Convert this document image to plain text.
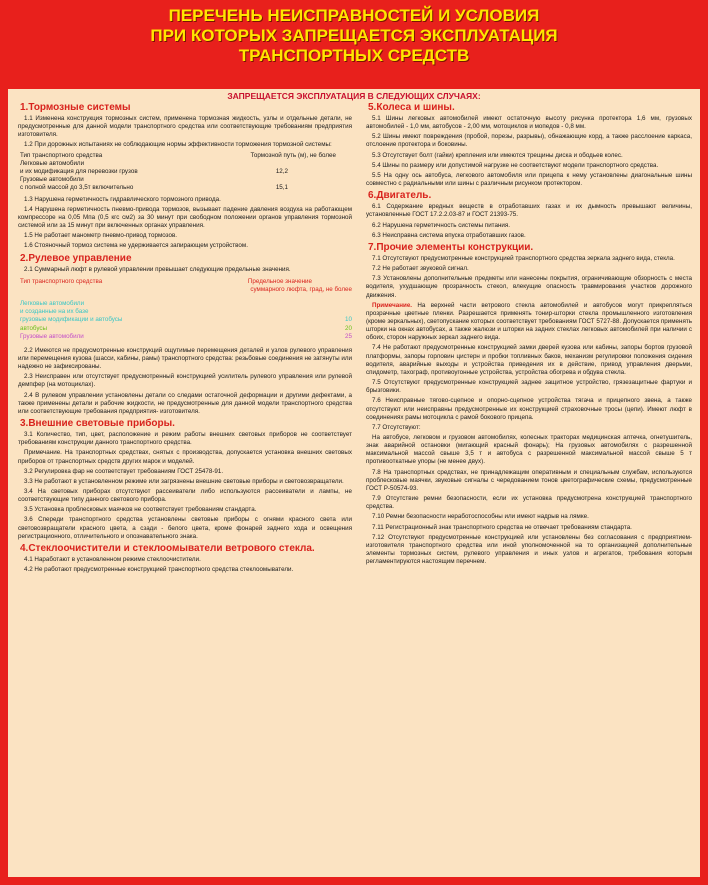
ПЕРЕЧЕНЬ НЕИСПРАВНОСТЕЙ И УСЛОВИЯ
ПРИ КОТОРЫХ ЗАПРЕЩАЕТСЯ ЭКСПЛУАТАЦИЯ
ТРАНСПОРТНЫХ СРЕДСТВ
ЗАПРЕЩАЕТСЯ ЭКСПЛУАТАЦИЯ В СЛЕДУЮЩИХ СЛУЧАЯХ:
1.Тормозные системы

1.1 Изменена конструкция тормозных систем, применена тормозная жидкость, узлы и отдельные детали, не предусмотренные для данной модели транспортного средства или соответствующие требованиям предприятия изготовителя.

1.2 При дорожных испытаниях не соблюдающие нормы эффективности торможения тормозной системы:

Тип транспортного средства	Тормозной путь (м), не более
Легковые автомобили
и их модификация для перевозки грузов	12,2
Грузовые автомобили
с полной массой до 3,5т включительно	15,1

1.3 Нарушена герметичность гидравлического тормозного привода.

1.4 Нарушена герметичность пневмо-привода тормозов, вызывает падение давления воздуха на работающем компрессоре на 0,05 Мпа (0,5 кгс см2) за 30 минут при свободном положении органов управления тормозной системой или за 15 минут при включенных органах управления.

1.5 Не работает манометр пневмо-привод тормозов.

1.6 Стояночный тормоз система не удерживается запирающем устройством.

2.Рулевое управление

2.1 Суммарный люфт в рулевой управлении превышает следующие предельные значения.

Тип транспортного средства	Предельное значение
суммарного люфта, град, не более
Легковые автомобили
и созданные на их базе
грузовые модификации и автобусы	10
автобусы	20
Грузовые автомобили	25

2.2 Имеются не предусмотренные конструкций ощутимые перемещения деталей и узлов рулевого управления или перемещения кузова (шасси, кабины, рамы) транспортного средства: резьбовые соединения не затянуты или надежно не зафиксированы.

2.3 Неисправен или отсутствует предусмотренный конструкцией усилитель рулевого управления или рулевой демпфер (на мотоциклах).

2.4 В рулевом управлении установлены детали со следами остаточной деформации и другими дефектами, а также применены детали и рабочие жидкости, не предусмотренные для данной модели транспортного средства или соответствующие требования предприятия- изготовителя.

3.Внешние световые приборы.

3.1 Количество, тип, цвет, расположение и режим работы внешних световых приборов не соответствует требованиям конструкции данного транспортного средства.

Примечание. На транспортных средствах, снятых с производства, допускается установка внешних световых приборов от транспортных средств других марок и моделей.

3.2 Регулировка фар не соответствует требованиям ГОСТ 25478-91.

3.3 Не работают в установленном режиме или загрязнены внешние световые приборы и световозвращатели.

3.4 На световых приборах отсутствуют рассеиватели либо используются рассеиватели и лампы, не соответствующие типу данного светового прибора.

3.5 Установка проблесковых маячков не соответствует требованиям стандарта.

3.6 Спереди транспортного средства установлены световые приборы с огнями красного света или световозвращатели красного цвета, а сзади - белого цвета, кроме фонарей заднего хода и освещения регистрационного, отличительного и опознавательного знака.

4.Стеклоочистители и стеклоомыватели ветрового стекла.

4.1 Наработают в установленном режиме стеклоочистители.

4.2 Не работают предусмотренные конструкцией транспортного средства стеклоомыватели.

5.Колеса и шины.

5.1 Шины легковых автомобилей имеют остаточную высоту рисунка протектора 1,6 мм, грузовых автомобилей - 1,0 мм, автобусов - 2,00 мм, мотоциклов и мопедов - 0,8 мм.

5.2 Шины имеют повреждения (пробой, порезы, разрывы), обнажающие корд, а также расслоение каркаса, отслоение протектора и боковины.

5.3 Отсутствует болт (гайки) крепления или имеются трещины диска и ободьев колес.

5.4 Шины по размеру или допустимой нагрузке не соответствуют модели транспортного средства.

5.5 На одну ось автобуса, легкового автомобиля или прицепа к нему установлены диагональные шины совместно с радиальными или шины с различным рисунком протектором.

6.Двигатель.

6.1 Содержание вредных веществ в отработавших газах и их дымность превышают величины, установленные ГОСТ 17.2.2.03-87 и ГОСТ 21393-75.

6.2 Нарушена герметичность системы питания.

6.3 Неисправна система впуска отработавших газов.

7.Прочие элементы конструкции.

7.1 Отсутствуют предусмотренные конструкцией транспортного средства зеркала заднего вида, стекла.

7.2 Не работает звуковой сигнал.

7.3 Установлены дополнительные предметы или нанесены покрытия, ограничивающие обзорность с места водителя, ухудшающие прозрачность стекол, влекущие опасность травмирования участков дорожного движения.

Примечание. На верхней части ветрового стекла автомобилей и автобусов могут прикрепляться прозрачные цветные пленки. Разрешается применять тонир-шторки стекла промышленного изготовления (кроме зеркальных), светопускание которых соответствует требованиям ГОСТ 5727-88. Допускается применять шторки на окнах автобусах, а также жалюзи и шторки на задних стеклах легковых автомобилей при наличии с обоих, сторон наружных зеркал заднего вида.

7.4 Не работают предусмотренные конструкцией замки дверей кузова или кабины, запоры бортов грузовой платформы, запоры горловин цистерн и пробки топливных баков, механизм регулировки положения сидения водителя, аварийные выходы и устройства приведения их в действие, привод управления дверьми, спидометр, тахограф, противоугонные устройства, устройства обогрева и обдува стекла.

7.5 Отсутствуют предусмотренные конструкцией заднее защитное устройство, грязезащитные фартуки и брызговики.

7.6 Неисправные тягово-сцепное и опорно-сцепное устройства тягача и прицепного звена, а также отсутствуют или неисправны предусмотренные их конструкцией страховочные тросы (цепи). Имеют люфт в соединениях рамы мотоцикла с рамой бокового прицепа.

7.7 Отсутствуют:

На автобусе, легковом и грузовом автомобилях, колесных тракторах медицинская аптечка, огнетушитель, знак аварийной остановки (мигающий красный фонарь); На грузовых автомобилях с разрешенной максимальной массой свыше 3,5 т и автобуса с разрешенной максимальной массой свыше 5 т противооткатные упоры (не менее двух).

7.8 На транспортных средствах, не принадлежащим оперативным и специальным службам, используются проблесковые маячки, звуковые сигналы с чередованием тонов цветографические схемы, предусмотренные ГОСТ Р-50574-93.

7.9 Отсутствие ремни безопасности, если их установка предусмотрена конструкцией транспортного средства.

7.10 Ремни безопасности неработоспособны или имеют надрыв на лямке.

7.11 Регистрационный знак транспортного средства не отвечает требованиям стандарта.

7.12 Отсутствуют предусмотренные конструкцией или установлены без согласования с предприятием-изготовителя транспортного средства или иной уполномоченной на то организацией дополнительные элементы тормозных систем, рулевого управления и иных узлов и агрегатов, требования которым регламентируются настоящим перечнем.
